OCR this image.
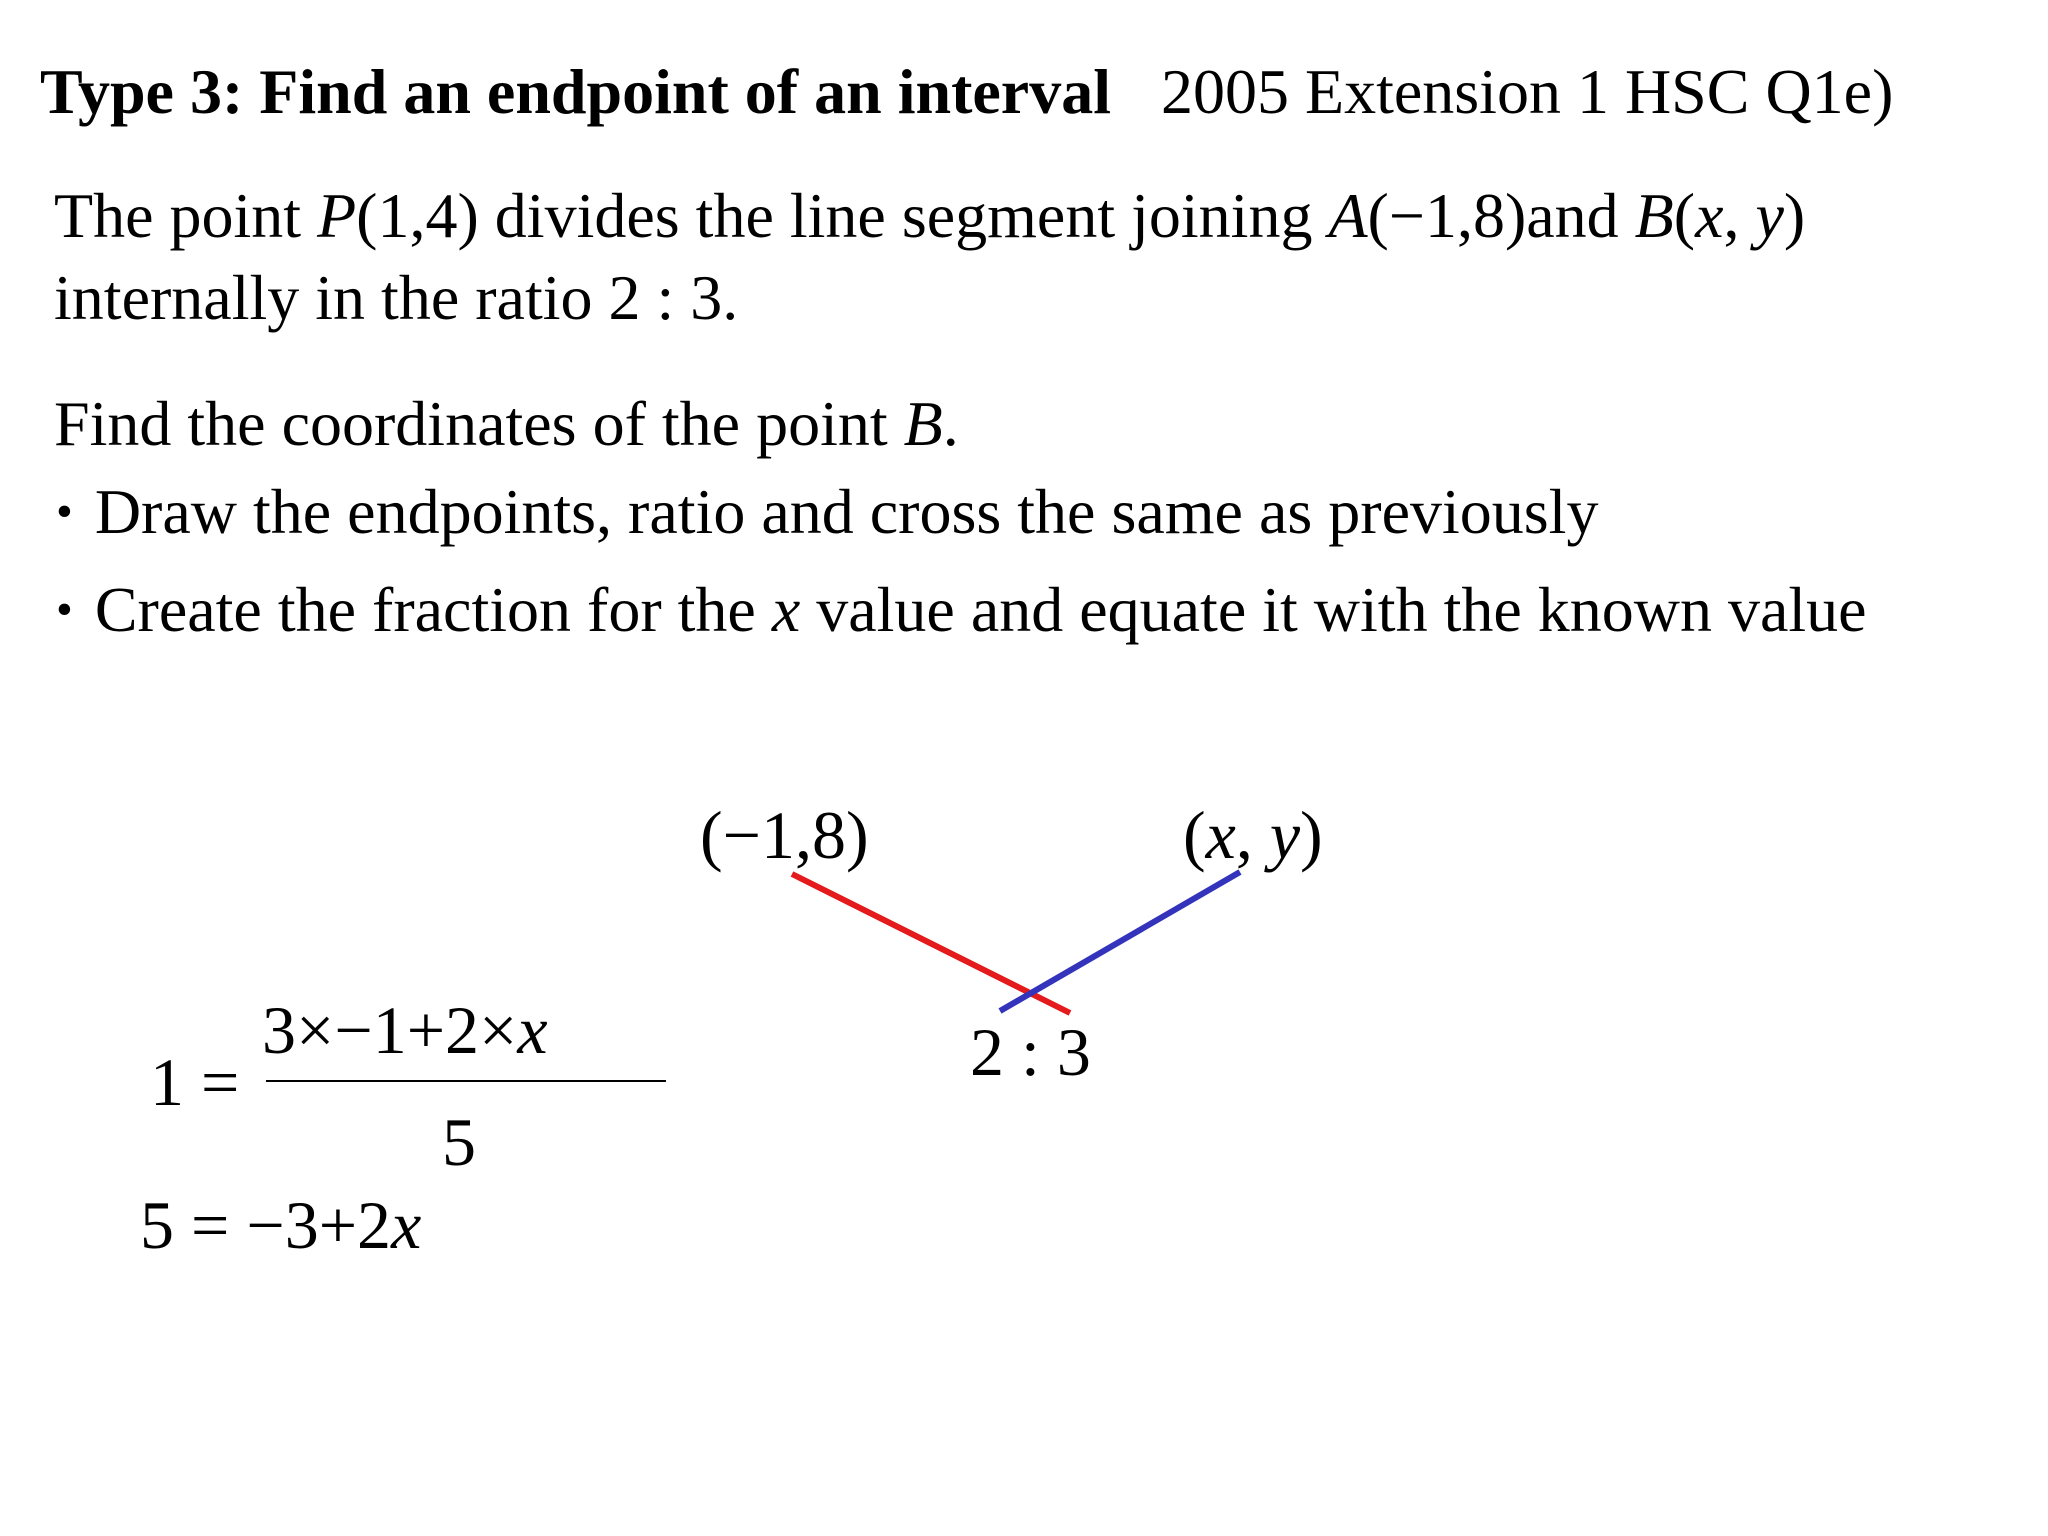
Type 3: Find an endpoint of an interval 2005 Extension 1 HSC Q1e)
The point P(1,4) divides the line segment joining A(−1,8)and B(x, y)
internally in the ratio 2 : 3.
Find the coordinates of the point B.
• Draw the endpoints, ratio and cross the same as previously
• Create the fraction for the x value and equate it with the known value
(−1,8)	(x, y)
2 : 3
1 =
3×−1+2×x
5
5 = −3+2x
